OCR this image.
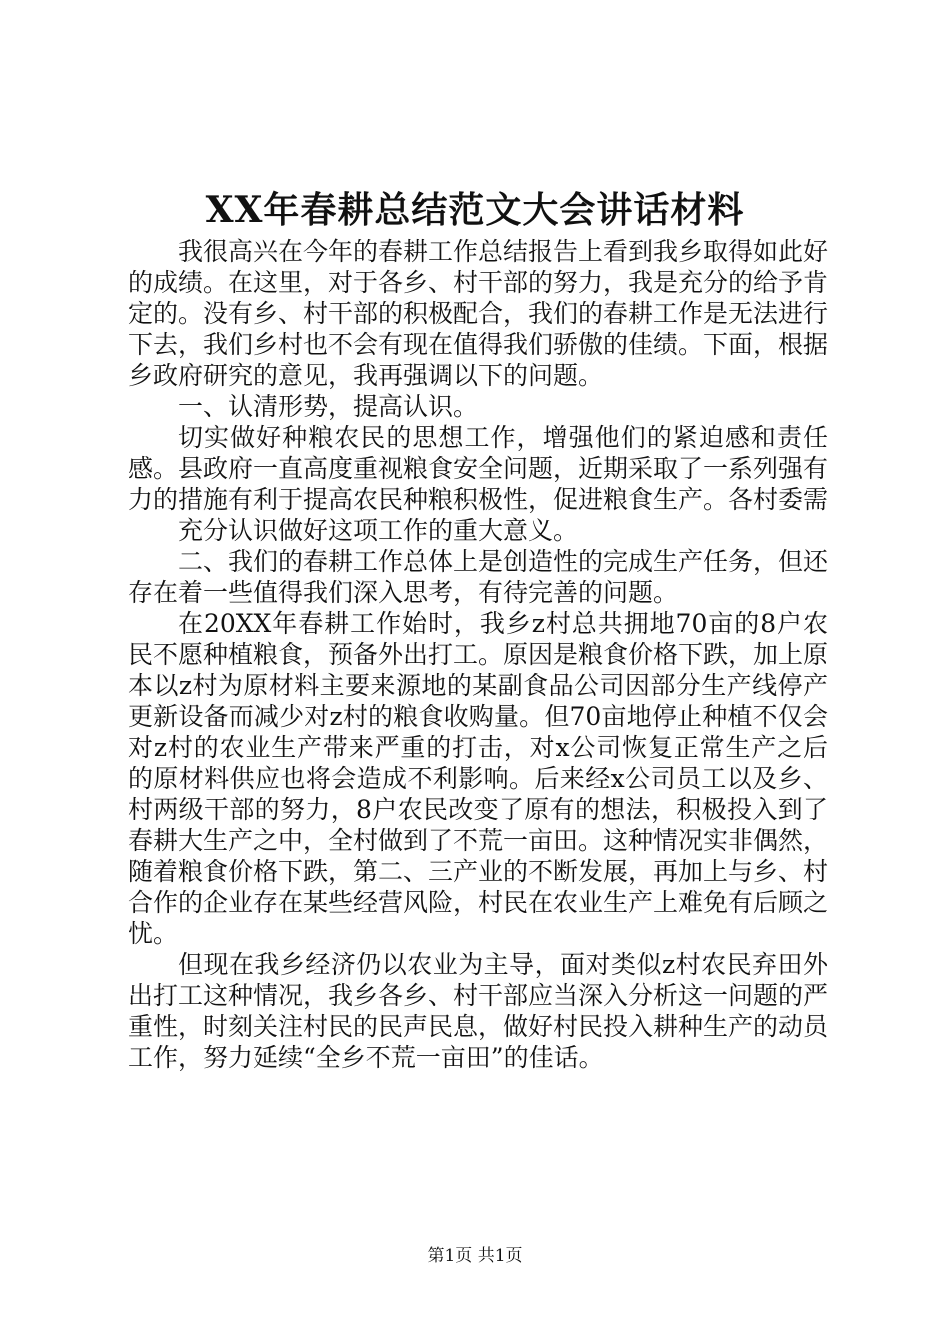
XX年春耕总结范文大会讲话材料

我很高兴在今年的春耕工作总结报告上看到我乡取得如此好的成绩。在这里，对于各乡、村干部的努力，我是充分的给予肯定的。没有乡、村干部的积极配合，我们的春耕工作是无法进行下去，我们乡村也不会有现在值得我们骄傲的佳绩。下面，根据乡政府研究的意见，我再强调以下的问题。

一、认清形势，提高认识。

切实做好种粮农民的思想工作，增强他们的紧迫感和责任感。县政府一直高度重视粮食安全问题，近期采取了一系列强有力的措施有利于提高农民种粮积极性，促进粮食生产。各村委需

充分认识做好这项工作的重大意义。

二、我们的春耕工作总体上是创造性的完成生产任务，但还存在着一些值得我们深入思考，有待完善的问题。

在20XX年春耕工作始时，我乡z村总共拥地70亩的8户农民不愿种植粮食，预备外出打工。原因是粮食价格下跌，加上原本以z村为原材料主要来源地的某副食品公司因部分生产线停产更新设备而减少对z村的粮食收购量。但70亩地停止种植不仅会对z村的农业生产带来严重的打击，对x公司恢复正常生产之后的原材料供应也将会造成不利影响。后来经x公司员工以及乡、村两级干部的努力，8户农民改变了原有的想法，积极投入到了春耕大生产之中，全村做到了不荒一亩田。这种情况实非偶然，随着粮食价格下跌，第二、三产业的不断发展，再加上与乡、村合作的企业存在某些经营风险，村民在农业生产上难免有后顾之忧。

但现在我乡经济仍以农业为主导，面对类似z村农民弃田外出打工这种情况，我乡各乡、村干部应当深入分析这一问题的严重性，时刻关注村民的民声民息，做好村民投入耕种生产的动员工作，努力延续“全乡不荒一亩田”的佳话。

第1页 共1页
